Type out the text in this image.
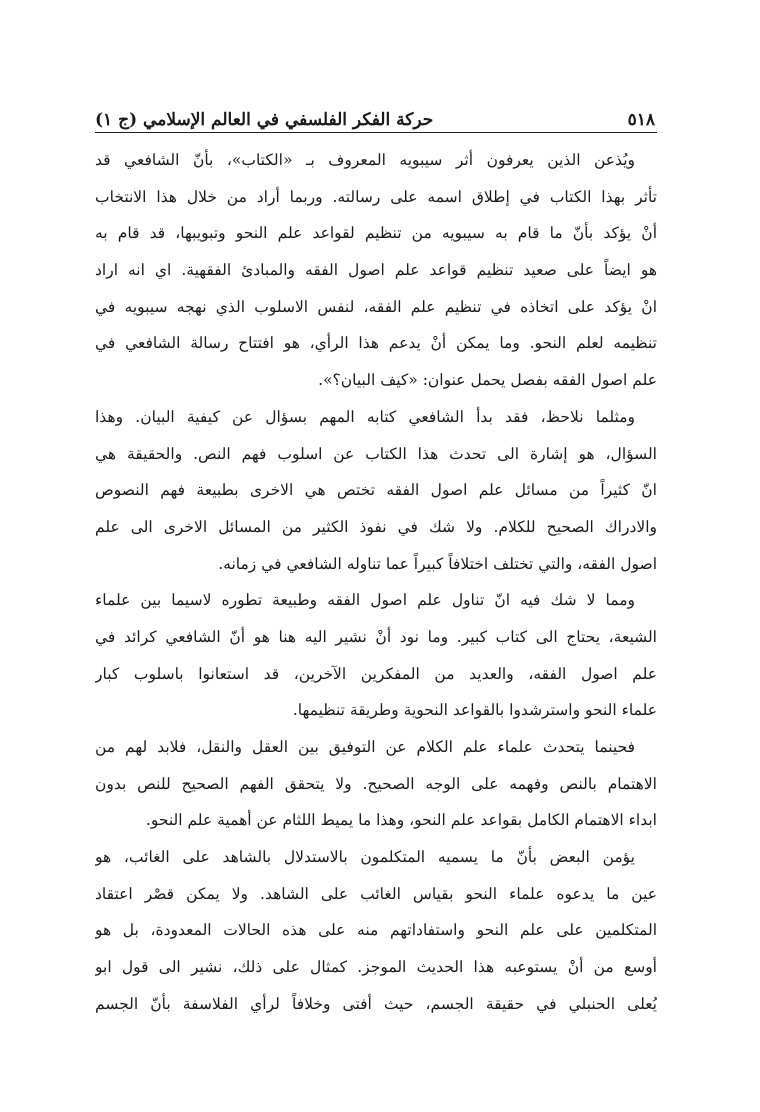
٥١٨
حركة الفكر الفلسفي في العالم الإسلامي (ج ١)
ويُذعن الذين يعرفون أثر سيبويه المعروف بـ «الكتاب»، بأنّ الشافعي قد
تأثر بهذا الكتاب في إطلاق اسمه على رسالته. وربما أراد من خلال هذا الانتخاب
أنْ يؤكد بأنّ ما قام به سيبويه من تنظيم لقواعد علم النحو وتبويبها، قد قام به
هو ايضاً على صعيد تنظيم قواعد علم اصول الفقه والمبادئ الفقهية. اي انه اراد
انْ يؤكد على اتخاذه في تنظيم علم الفقه، لنفس الاسلوب الذي نهجه سيبويه في
تنظيمه لعلم النحو. وما يمكن أنْ يدعم هذا الرأي، هو افتتاح رسالة الشافعي في
علم اصول الفقه بفصل يحمل عنوان: «كيف البيان؟».
ومثلما نلاحظ، فقد بدأ الشافعي كتابه المهم بسؤال عن كيفية البيان. وهذا
السؤال، هو إشارة الى تحدث هذا الكتاب عن اسلوب فهم النص. والحقيقة هي
انّ كثيراً من مسائل علم اصول الفقه تختص هي الاخرى بطبيعة فهم النصوص
والادراك الصحيح للكلام. ولا شك في نفوذ الكثير من المسائل الاخرى الى علم
اصول الفقه، والتي تختلف اختلافاً كبيراً عما تناوله الشافعي في زمانه.
ومما لا شك فيه انّ تناول علم اصول الفقه وطبيعة تطوره لاسيما بين علماء
الشيعة، يحتاج الى كتاب كبير. وما نود أنْ نشير اليه هنا هو أنّ الشافعي كرائد في
علم اصول الفقه، والعديد من المفكرين الآخرين، قد استعانوا باسلوب كبار
علماء النحو واسترشدوا بالقواعد النحوية وطريقة تنظيمها.
فحينما يتحدث علماء علم الكلام عن التوفيق بين العقل والنقل، فلابد لهم من
الاهتمام بالنص وفهمه على الوجه الصحيح. ولا يتحقق الفهم الصحيح للنص بدون
ابداء الاهتمام الكامل بقواعد علم النحو، وهذا ما يميط اللثام عن أهمية علم النحو.
يؤمن البعض بأنّ ما يسميه المتكلمون بالاستدلال بالشاهد على الغائب، هو
عين ما يدعوه علماء النحو بقياس الغائب على الشاهد. ولا يمكن قصْر اعتقاد
المتكلمين على علم النحو واستفاداتهم منه على هذه الحالات المعدودة، بل هو
أوسع من أنْ يستوعبه هذا الحديث الموجز. كمثال على ذلك، نشير الى قول ابو
يُعلى الحنبلي في حقيقة الجسم، حيث أفتى وخلافاً لرأي الفلاسفة بأنّ الجسم
